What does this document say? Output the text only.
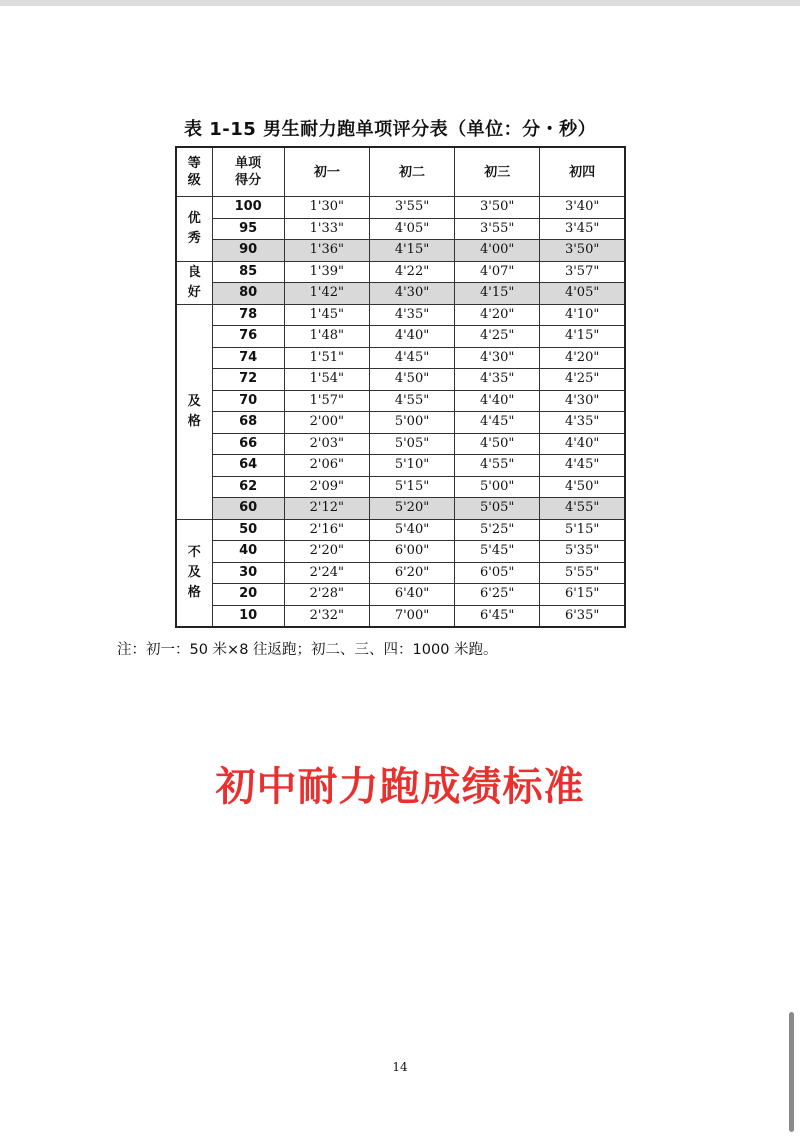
表 1-15 男生耐力跑单项评分表（单位：分・秒）
等级	单项得分	初一	初二	初三	初四
优秀	100	1'30"	3'55"	3'50"	3'40"
	95	1'33"	4'05"	3'55"	3'45"
	90	1'36"	4'15"	4'00"	3'50"
良好	85	1'39"	4'22"	4'07"	3'57"
	80	1'42"	4'30"	4'15"	4'05"
及格	78	1'45"	4'35"	4'20"	4'10"
	76	1'48"	4'40"	4'25"	4'15"
	74	1'51"	4'45"	4'30"	4'20"
	72	1'54"	4'50"	4'35"	4'25"
	70	1'57"	4'55"	4'40"	4'30"
	68	2'00"	5'00"	4'45"	4'35"
	66	2'03"	5'05"	4'50"	4'40"
	64	2'06"	5'10"	4'55"	4'45"
	62	2'09"	5'15"	5'00"	4'50"
	60	2'12"	5'20"	5'05"	4'55"
不及格	50	2'16"	5'40"	5'25"	5'15"
	40	2'20"	6'00"	5'45"	5'35"
	30	2'24"	6'20"	6'05"	5'55"
	20	2'28"	6'40"	6'25"	6'15"
	10	2'32"	7'00"	6'45"	6'35"
注：初一：50 米×8 往返跑；初二、三、四：1000 米跑。
初中耐力跑成绩标准
14
